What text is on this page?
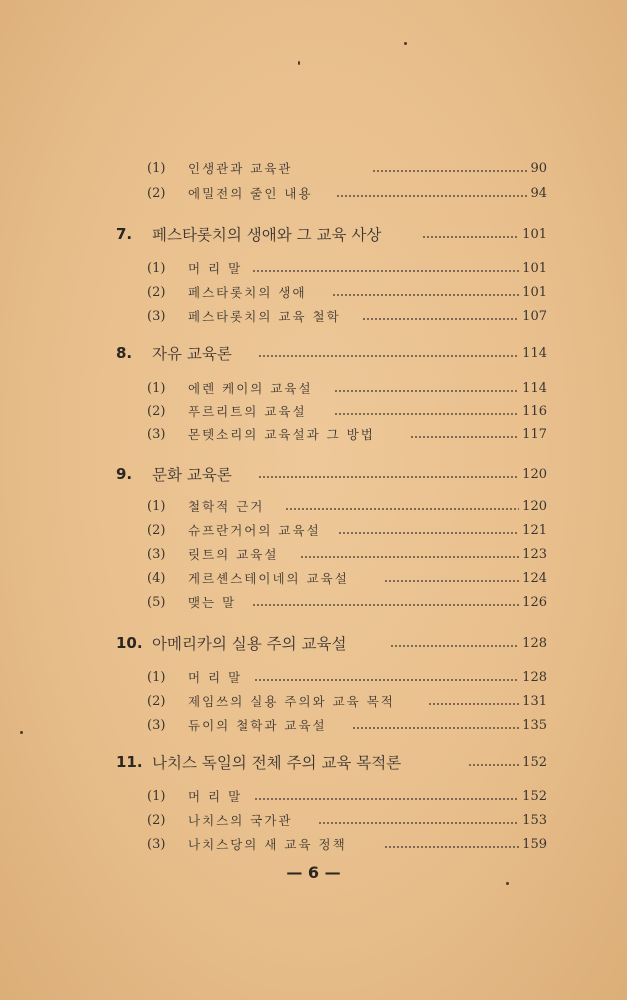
(1) 인생관과 교육관	90
(2) 에밀전의 줄인 내용	94
7. 페스타롯치의 생애와 그 교육 사상	101
(1) 머 리 말	101
(2) 페스타롯치의 생애	101
(3) 페스타롯치의 교육 철학	107
8. 자유 교육론	114
(1) 에렌 케이의 교육설	114
(2) 푸르리트의 교육설	116
(3) 몬텟소리의 교육설과 그 방법	117
9. 문화 교육론	120
(1) 철학적 근거	120
(2) 슈프란거어의 교육설	121
(3) 릿트의 교육설	123
(4) 게르셴스테이네의 교육설	124
(5) 맺는 말	126
10. 아메리카의 실용 주의 교육설	128
(1) 머 리 말	128
(2) 제임쓰의 실용 주의와 교육 목적	131
(3) 듀이의 철학과 교육설	135
11. 나치스 독일의 전체 주의 교육 목적론	152
(1) 머 리 말	152
(2) 나치스의 국가관	153
(3) 나치스당의 새 교육 정책	159
— 6 —
